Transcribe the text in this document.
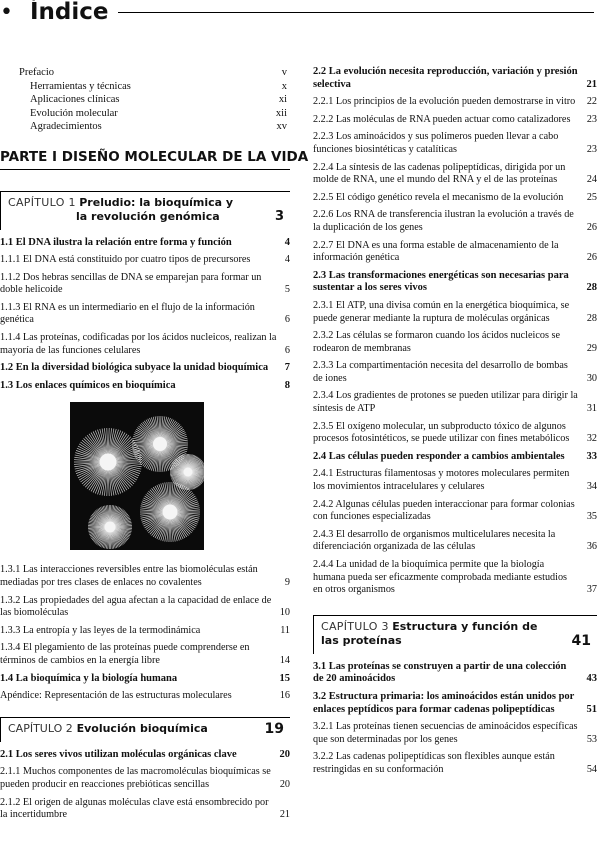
• Índice
Prefacio	v
Herramientas y técnicas	x
Aplicaciones clínicas	xi
Evolución molecular	xii
Agradecimientos	xv
PARTE I DISEÑO MOLECULAR DE LA VIDA
CAPÍTULO 1 Preludio: la bioquímica y
la revolución genómica	3
1.1 El DNA ilustra la relación entre forma y función	4
1.1.1 El DNA está constituido por cuatro tipos de precursores	4
1.1.2 Dos hebras sencillas de DNA se emparejan para formar un doble helicoide	5
1.1.3 El RNA es un intermediario en el flujo de la información genética	6
1.1.4 Las proteínas, codificadas por los ácidos nucleicos, realizan la mayoría de las funciones celulares	6
1.2 En la diversidad biológica subyace la unidad bioquímica	7
1.3 Los enlaces químicos en bioquímica	8
1.3.1 Las interacciones reversibles entre las biomoléculas están mediadas por tres clases de enlaces no covalentes	9
1.3.2 Las propiedades del agua afectan a la capacidad de enlace de las biomoléculas	10
1.3.3 La entropía y las leyes de la termodinámica	11
1.3.4 El plegamiento de las proteínas puede comprenderse en términos de cambios en la energía libre	14
1.4 La bioquímica y la biología humana	15
Apéndice: Representación de las estructuras moleculares	16
CAPÍTULO 2 Evolución bioquímica	19
2.1 Los seres vivos utilizan moléculas orgánicas clave	20
2.1.1 Muchos componentes de las macromoléculas bioquímicas se pueden producir en reacciones prebióticas sencillas	20
2.1.2 El origen de algunas moléculas clave está ensombrecido por la incertidumbre	21
2.2 La evolución necesita reproducción, variación y presión selectiva	21
2.2.1 Los principios de la evolución pueden demostrarse in vitro	22
2.2.2 Las moléculas de RNA pueden actuar como catalizadores	23
2.2.3 Los aminoácidos y sus polímeros pueden llevar a cabo funciones biosintéticas y catalíticas	23
2.2.4 La síntesis de las cadenas polipeptídicas, dirigida por un molde de RNA, une el mundo del RNA y el de las proteínas	24
2.2.5 El código genético revela el mecanismo de la evolución	25
2.2.6 Los RNA de transferencia ilustran la evolución a través de la duplicación de los genes	26
2.2.7 El DNA es una forma estable de almacenamiento de la información genética	26
2.3 Las transformaciones energéticas son necesarias para sustentar a los seres vivos	28
2.3.1 El ATP, una divisa común en la energética bioquímica, se puede generar mediante la ruptura de moléculas orgánicas	28
2.3.2 Las células se formaron cuando los ácidos nucleicos se rodearon de membranas	29
2.3.3 La compartimentación necesita del desarrollo de bombas de iones	30
2.3.4 Los gradientes de protones se pueden utilizar para dirigir la síntesis de ATP	31
2.3.5 El oxígeno molecular, un subproducto tóxico de algunos procesos fotosintéticos, se puede utilizar con fines metabólicos	32
2.4 Las células pueden responder a cambios ambientales	33
2.4.1 Estructuras filamentosas y motores moleculares permiten los movimientos intracelulares y celulares	34
2.4.2 Algunas células pueden interaccionar para formar colonias con funciones especializadas	35
2.4.3 El desarrollo de organismos multicelulares necesita la diferenciación organizada de las células	36
2.4.4 La unidad de la bioquímica permite que la biología humana pueda ser eficazmente comprobada mediante estudios en otros organismos	37
CAPÍTULO 3 Estructura y función de
las proteínas	41
3.1 Las proteínas se construyen a partir de una colección de 20 aminoácidos	43
3.2 Estructura primaria: los aminoácidos están unidos por enlaces peptídicos para formar cadenas polipeptídicas	51
3.2.1 Las proteínas tienen secuencias de aminoácidos específicas que son determinadas por los genes	53
3.2.2 Las cadenas polipeptídicas son flexibles aunque están restringidas en su conformación	54
